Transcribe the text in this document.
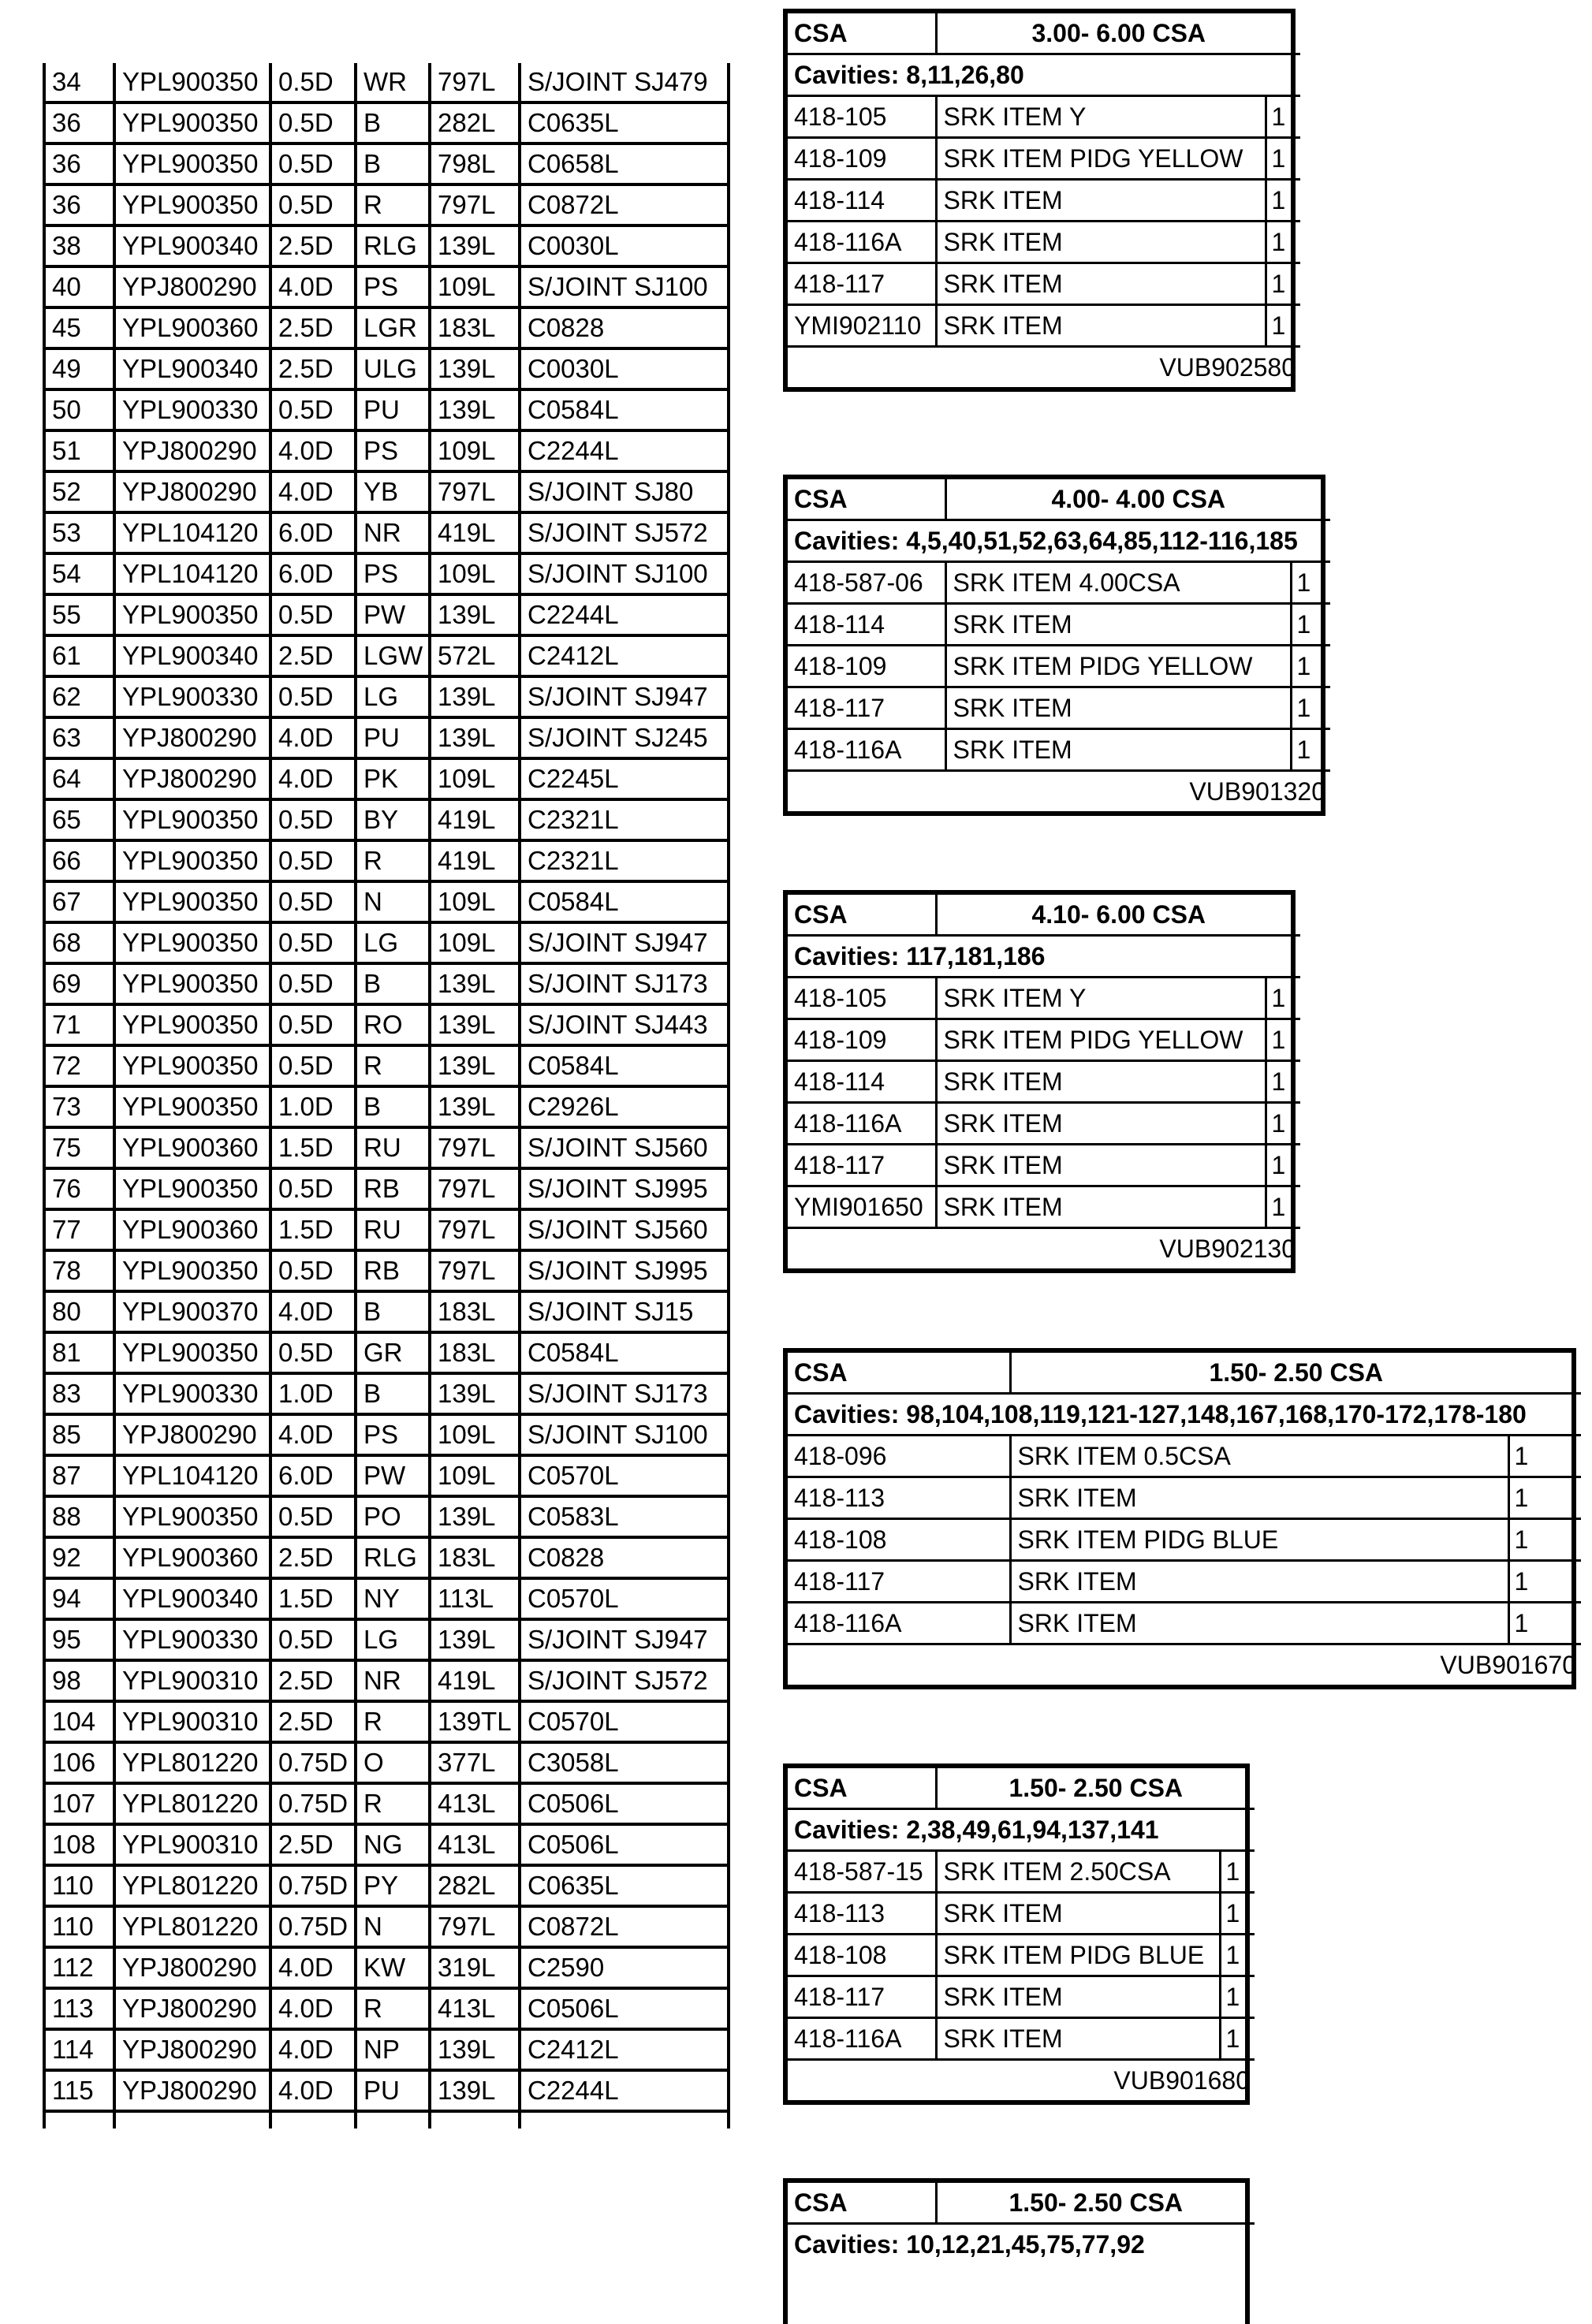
34	YPL900350	0.5D	WR	797L	S/JOINT SJ479
36	YPL900350	0.5D	B	282L	C0635L
36	YPL900350	0.5D	B	798L	C0658L
36	YPL900350	0.5D	R	797L	C0872L
38	YPL900340	2.5D	RLG	139L	C0030L
40	YPJ800290	4.0D	PS	109L	S/JOINT SJ100
45	YPL900360	2.5D	LGR	183L	C0828
49	YPL900340	2.5D	ULG	139L	C0030L
50	YPL900330	0.5D	PU	139L	C0584L
51	YPJ800290	4.0D	PS	109L	C2244L
52	YPJ800290	4.0D	YB	797L	S/JOINT SJ80
53	YPL104120	6.0D	NR	419L	S/JOINT SJ572
54	YPL104120	6.0D	PS	109L	S/JOINT SJ100
55	YPL900350	0.5D	PW	139L	C2244L
61	YPL900340	2.5D	LGW	572L	C2412L
62	YPL900330	0.5D	LG	139L	S/JOINT SJ947
63	YPJ800290	4.0D	PU	139L	S/JOINT SJ245
64	YPJ800290	4.0D	PK	109L	C2245L
65	YPL900350	0.5D	BY	419L	C2321L
66	YPL900350	0.5D	R	419L	C2321L
67	YPL900350	0.5D	N	109L	C0584L
68	YPL900350	0.5D	LG	109L	S/JOINT SJ947
69	YPL900350	0.5D	B	139L	S/JOINT SJ173
71	YPL900350	0.5D	RO	139L	S/JOINT SJ443
72	YPL900350	0.5D	R	139L	C0584L
73	YPL900350	1.0D	B	139L	C2926L
75	YPL900360	1.5D	RU	797L	S/JOINT SJ560
76	YPL900350	0.5D	RB	797L	S/JOINT SJ995
77	YPL900360	1.5D	RU	797L	S/JOINT SJ560
78	YPL900350	0.5D	RB	797L	S/JOINT SJ995
80	YPL900370	4.0D	B	183L	S/JOINT SJ15
81	YPL900350	0.5D	GR	183L	C0584L
83	YPL900330	1.0D	B	139L	S/JOINT SJ173
85	YPJ800290	4.0D	PS	109L	S/JOINT SJ100
87	YPL104120	6.0D	PW	109L	C0570L
88	YPL900350	0.5D	PO	139L	C0583L
92	YPL900360	2.5D	RLG	183L	C0828
94	YPL900340	1.5D	NY	113L	C0570L
95	YPL900330	0.5D	LG	139L	S/JOINT SJ947
98	YPL900310	2.5D	NR	419L	S/JOINT SJ572
104	YPL900310	2.5D	R	139TL	C0570L
106	YPL801220	0.75D	O	377L	C3058L
107	YPL801220	0.75D	R	413L	C0506L
108	YPL900310	2.5D	NG	413L	C0506L
110	YPL801220	0.75D	PY	282L	C0635L
110	YPL801220	0.75D	N	797L	C0872L
112	YPJ800290	4.0D	KW	319L	C2590
113	YPJ800290	4.0D	R	413L	C0506L
114	YPJ800290	4.0D	NP	139L	C2412L
115	YPJ800290	4.0D	PU	139L	C2244L

CSA	3.00- 6.00 CSA	
Cavities: 8,11,26,80		
418-105	SRK ITEM Y	1
418-109	SRK ITEM PIDG YELLOW	1
418-114	SRK ITEM	1
418-116A	SRK ITEM	1
418-117	SRK ITEM	1
YMI902110	SRK ITEM	1
VUB902580		
CSA	4.00- 4.00 CSA	
Cavities: 4,5,40,51,52,63,64,85,112-116,185		
418-587-06	SRK ITEM 4.00CSA	1
418-114	SRK ITEM	1
418-109	SRK ITEM PIDG YELLOW	1
418-117	SRK ITEM	1
418-116A	SRK ITEM	1
VUB901320		
CSA	4.10- 6.00 CSA	
Cavities: 117,181,186		
418-105	SRK ITEM Y	1
418-109	SRK ITEM PIDG YELLOW	1
418-114	SRK ITEM	1
418-116A	SRK ITEM	1
418-117	SRK ITEM	1
YMI901650	SRK ITEM	1
VUB902130		
CSA	1.50- 2.50 CSA	
Cavities: 98,104,108,119,121-127,148,167,168,170-172,178-180		
418-096	SRK ITEM 0.5CSA	1
418-113	SRK ITEM	1
418-108	SRK ITEM PIDG BLUE	1
418-117	SRK ITEM	1
418-116A	SRK ITEM	1
VUB901670		
CSA	1.50- 2.50 CSA	
Cavities: 2,38,49,61,94,137,141		
418-587-15	SRK ITEM 2.50CSA	1
418-113	SRK ITEM	1
418-108	SRK ITEM PIDG BLUE	1
418-117	SRK ITEM	1
418-116A	SRK ITEM	1
VUB901680		
CSA	1.50- 2.50 CSA
Cavities: 10,12,21,45,75,77,92
